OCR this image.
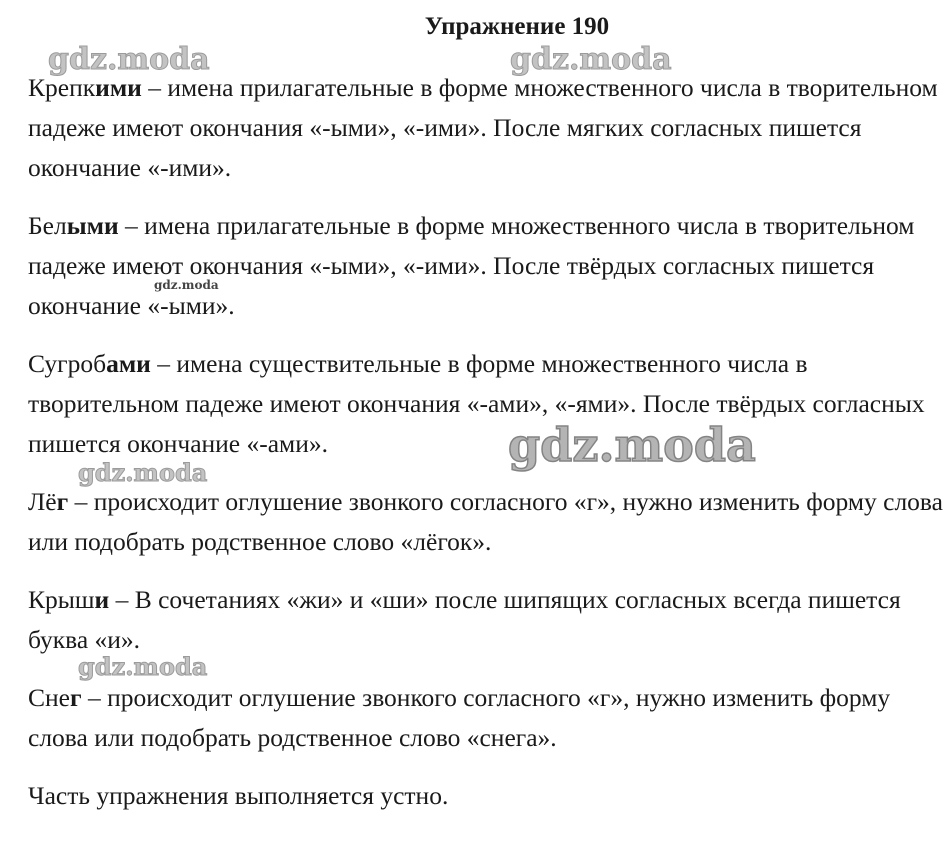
Упражнение 190

Крепкими – имена прилагательные в форме множественного числа в творительном падеже имеют окончания «-ыми», «-ими». После мягких согласных пишется окончание «-ими».

Белыми – имена прилагательные в форме множественного числа в творительном падеже имеют окончания «-ыми», «-ими». После твёрдых согласных пишется окончание «-ыми».

Сугробами – имена существительные в форме множественного числа в творительном падеже имеют окончания «-ами», «-ями». После твёрдых согласных пишется окончание «-ами».

Лёг – происходит оглушение звонкого согласного «г», нужно изменить форму слова или подобрать родственное слово «лёгок».

Крыши – В сочетаниях «жи» и «ши» после шипящих согласных всегда пишется буква «и».

Снег – происходит оглушение звонкого согласного «г», нужно изменить форму слова или подобрать родственное слово «снега».

Часть упражнения выполняется устно.

gdz.moda	gdz.moda
gdz.moda
gdz.moda
gdz.moda
gdz.moda
